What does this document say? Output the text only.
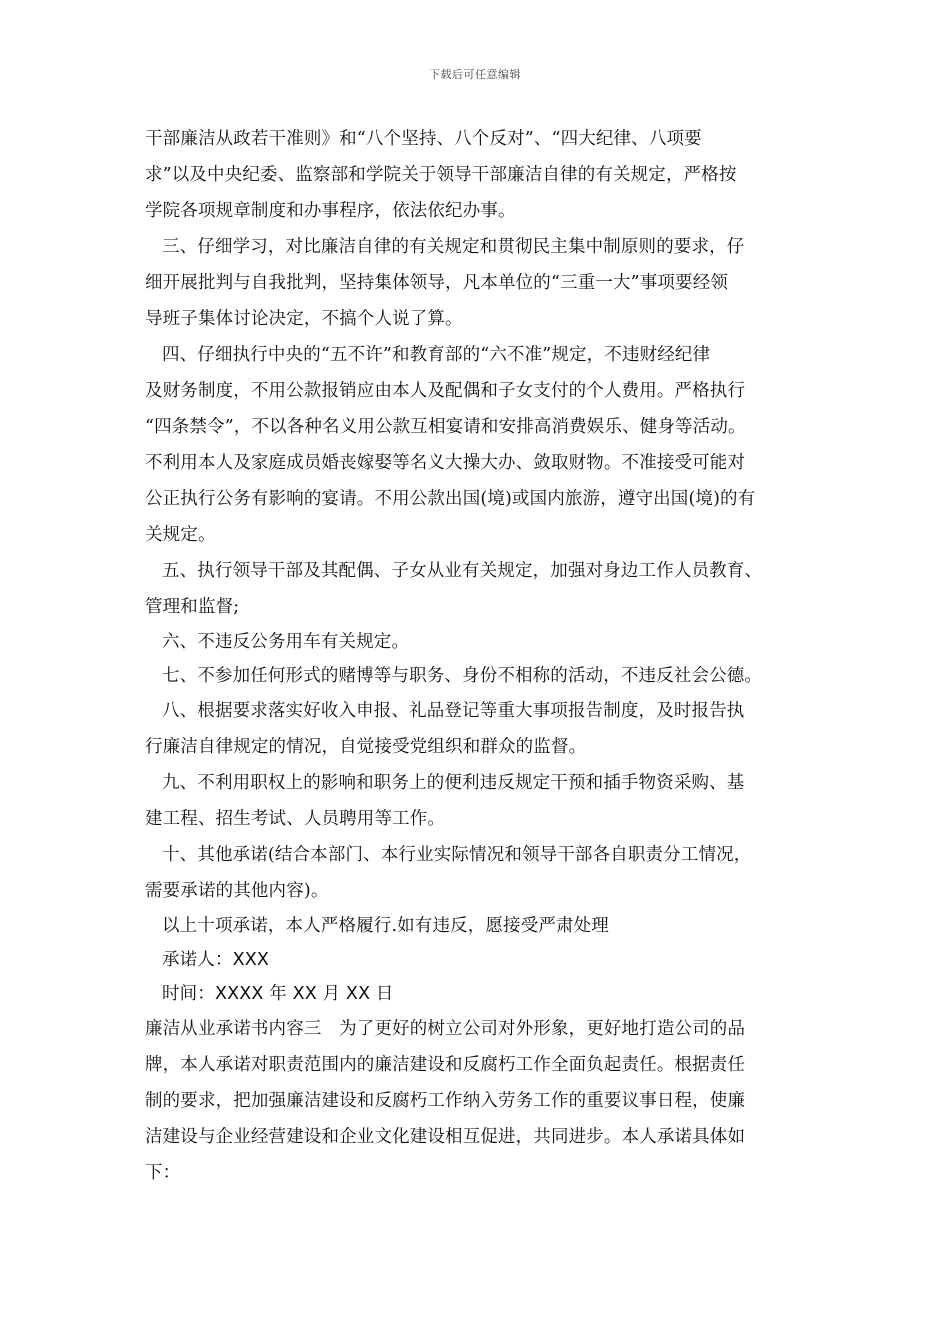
下载后可任意编辑
干部廉洁从政若干准则》和“八个坚持、八个反对”、“四大纪律、八项要
求”以及中央纪委、监察部和学院关于领导干部廉洁自律的有关规定，严格按
学院各项规章制度和办事程序，依法依纪办事。
三、仔细学习，对比廉洁自律的有关规定和贯彻民主集中制原则的要求，仔
细开展批判与自我批判，坚持集体领导，凡本单位的“三重一大”事项要经领
导班子集体讨论决定，不搞个人说了算。
四、仔细执行中央的“五不许”和教育部的“六不准”规定，不违财经纪律
及财务制度，不用公款报销应由本人及配偶和子女支付的个人费用。严格执行
“四条禁令”，不以各种名义用公款互相宴请和安排高消费娱乐、健身等活动。
不利用本人及家庭成员婚丧嫁娶等名义大操大办、敛取财物。不准接受可能对
公正执行公务有影响的宴请。不用公款出国(境)或国内旅游，遵守出国(境)的有
关规定。
五、执行领导干部及其配偶、子女从业有关规定，加强对身边工作人员教育、
管理和监督;
六、不违反公务用车有关规定。
七、不参加任何形式的赌博等与职务、身份不相称的活动，不违反社会公德。
八、根据要求落实好收入申报、礼品登记等重大事项报告制度，及时报告执
行廉洁自律规定的情况，自觉接受党组织和群众的监督。
九、不利用职权上的影响和职务上的便利违反规定干预和插手物资采购、基
建工程、招生考试、人员聘用等工作。
十、其他承诺(结合本部门、本行业实际情况和领导干部各自职责分工情况，
需要承诺的其他内容)。
以上十项承诺，本人严格履行.如有违反，愿接受严肃处理
承诺人：XXX
时间：XXXX 年 XX 月 XX 日
廉洁从业承诺书内容三　为了更好的树立公司对外形象，更好地打造公司的品
牌，本人承诺对职责范围内的廉洁建设和反腐朽工作全面负起责任。根据责任
制的要求，把加强廉洁建设和反腐朽工作纳入劳务工作的重要议事日程，使廉
洁建设与企业经营建设和企业文化建设相互促进，共同进步。本人承诺具体如
下：
